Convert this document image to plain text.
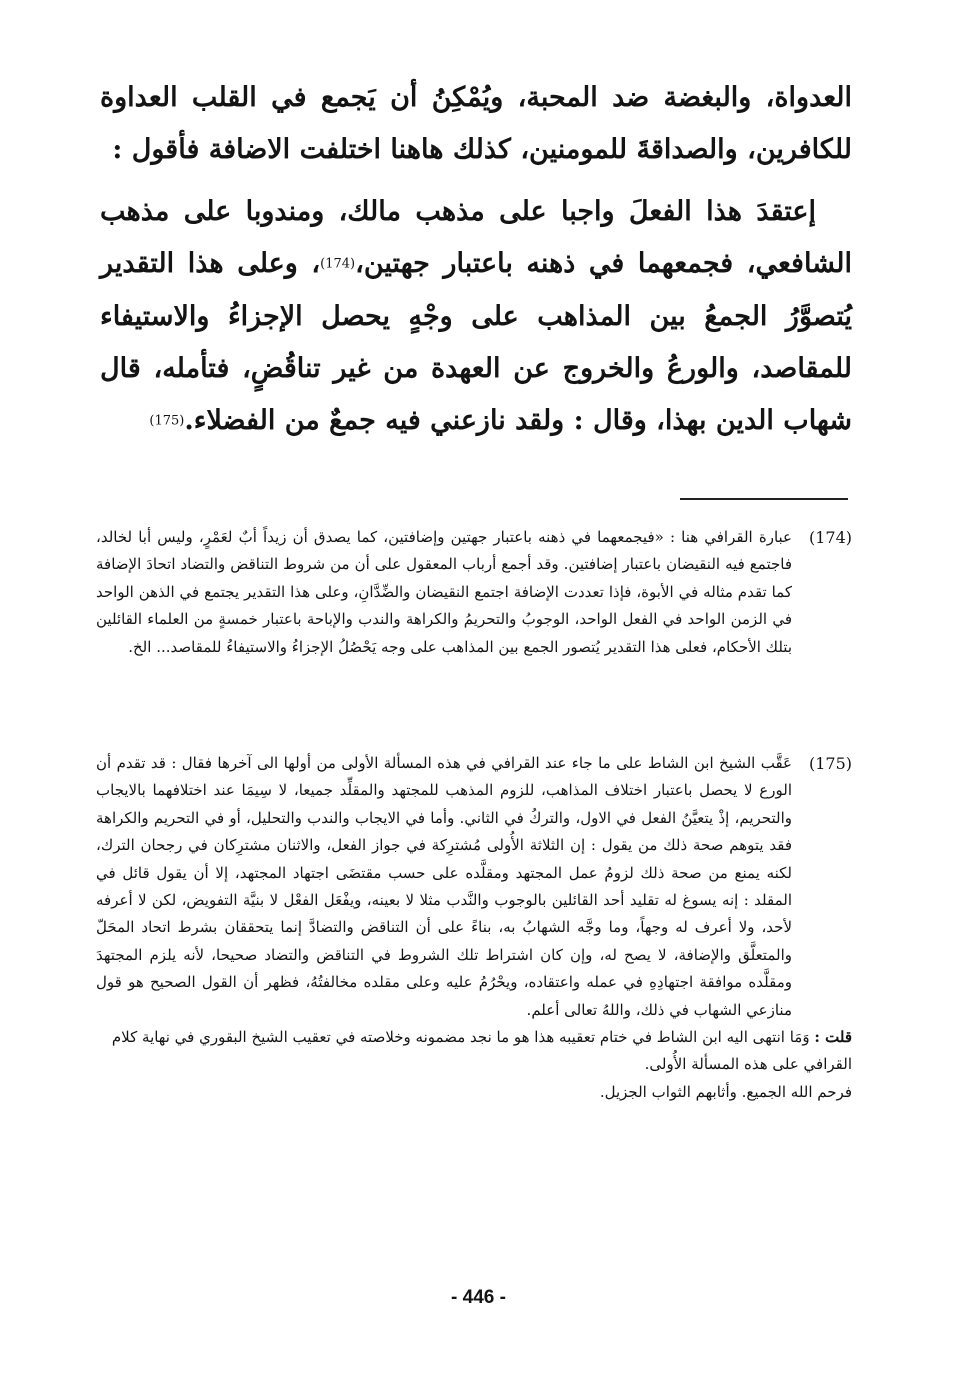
العدواة، والبغضة ضد المحبة، ويُمْكِنُ أن يَجمع في القلب العداوة للكافرين، والصداقةَ للمومنين، كذلك هاهنا اختلفت الاضافة فأقول :

إعتقدَ هذا الفعلَ واجبا على مذهب مالك، ومندوبا على مذهب الشافعي، فجمعهما في ذهنه باعتبار جهتين،(174)، وعلى هذا التقدير يُتصوَّرُ الجمعُ بين المذاهب على وجْهٍ يحصل الإجزاءُ والاستيفاء للمقاصد، والورعُ والخروج عن العهدة من غير تناقُضٍ، فتأمله، قال شهاب الدين بهذا، وقال : ولقد نازعني فيه جمعٌ من الفضلاء.(175)

(174)
عبارة القرافي هنا : «فيجمعهما في ذهنه باعتبار جهتين وإضافتين، كما يصدق أن زيداً أبٌ لعَمْرٍ، وليس أبا لخالد، فاجتمع فيه النقيضان باعتبار إضافتين. وقد أجمع أرباب المعقول على أن من شروط التناقض والتضاد اتحادَ الإضافة كما تقدم مثاله في الأبوة، فإذا تعددت الإضافة اجتمع النقيضان والضِّدَّانِ، وعلى هذا التقدير يجتمع في الذهن الواحد في الزمن الواحد في الفعل الواحد، الوجوبُ والتحريمُ والكراهة والندب والإباحة باعتبار خمسةٍ من العلماء القائلين بتلك الأحكام، فعلى هذا التقدير يُتصور الجمع بين المذاهب على وجه يَحْصُلُ الإجزاءُ والاستيفاءُ للمقاصد... الخ.
(175)
عَقَّب الشيخ ابن الشاط على ما جاء عند القرافي في هذه المسألة الأولى من أولها الى آخرها فقال : قد تقدم أن الورع لا يحصل باعتبار اختلاف المذاهب، للزوم المذهب للمجتهد والمقلِّد جميعا، لا سِيمَا عند اختلافهما بالايجاب والتحريم، إذْ يتعيَّنُ الفعل في الاول، والتركُ في الثاني. وأما في الايجاب والندب والتحليل، أو في التحريم والكراهة فقد يتوهم صحة ذلك من يقول : إن الثلاثة الأُولى مُشترِكة في جواز الفعل، والاثنان مشترِكان في رجحان الترك، لكنه يمنع من صحة ذلك لزومُ عمل المجتهد ومقلَّده على حسب مقتضَى اجتهاد المجتهد، إلا أن يقول قائل في المقلد : إنه يسوغ له تقليد أحد القائلين بالوجوب والنَّدب مثلا لا بعينه، ويفْعَل الفعْل لا بنيَّة التفويض، لكن لا أعرفه لأحد، ولا أعرف له وجهاً، وما وجَّه الشهابُ به، بناءً على أن التناقض والتضادَّ إنما يتحققان بشرط اتحاد المحَلّ والمتعلَّق والإضافة، لا يصح له، وإن كان اشتراط تلك الشروط في التناقض والتضاد صحيحا، لأنه يلزم المجتهدَ ومقلَّده موافقة اجتهادِهِ في عمله واعتقاده، ويحْرُمُ عليه وعلى مقلده مخالفتُهُ، فظهر أن القول الصحيح هو قول منازعي الشهاب في ذلك، واللهُ تعالى أعلم.
قلت : وَمَا انتهى اليه ابن الشاط في ختام تعقيبه هذا هو ما نجد مضمونه وخلاصته في تعقيب الشيخ البقوري في نهاية كلام القرافي على هذه المسألة الأُولى.
فرحم الله الجميع. وأثابهم الثواب الجزيل.
- 446 -
